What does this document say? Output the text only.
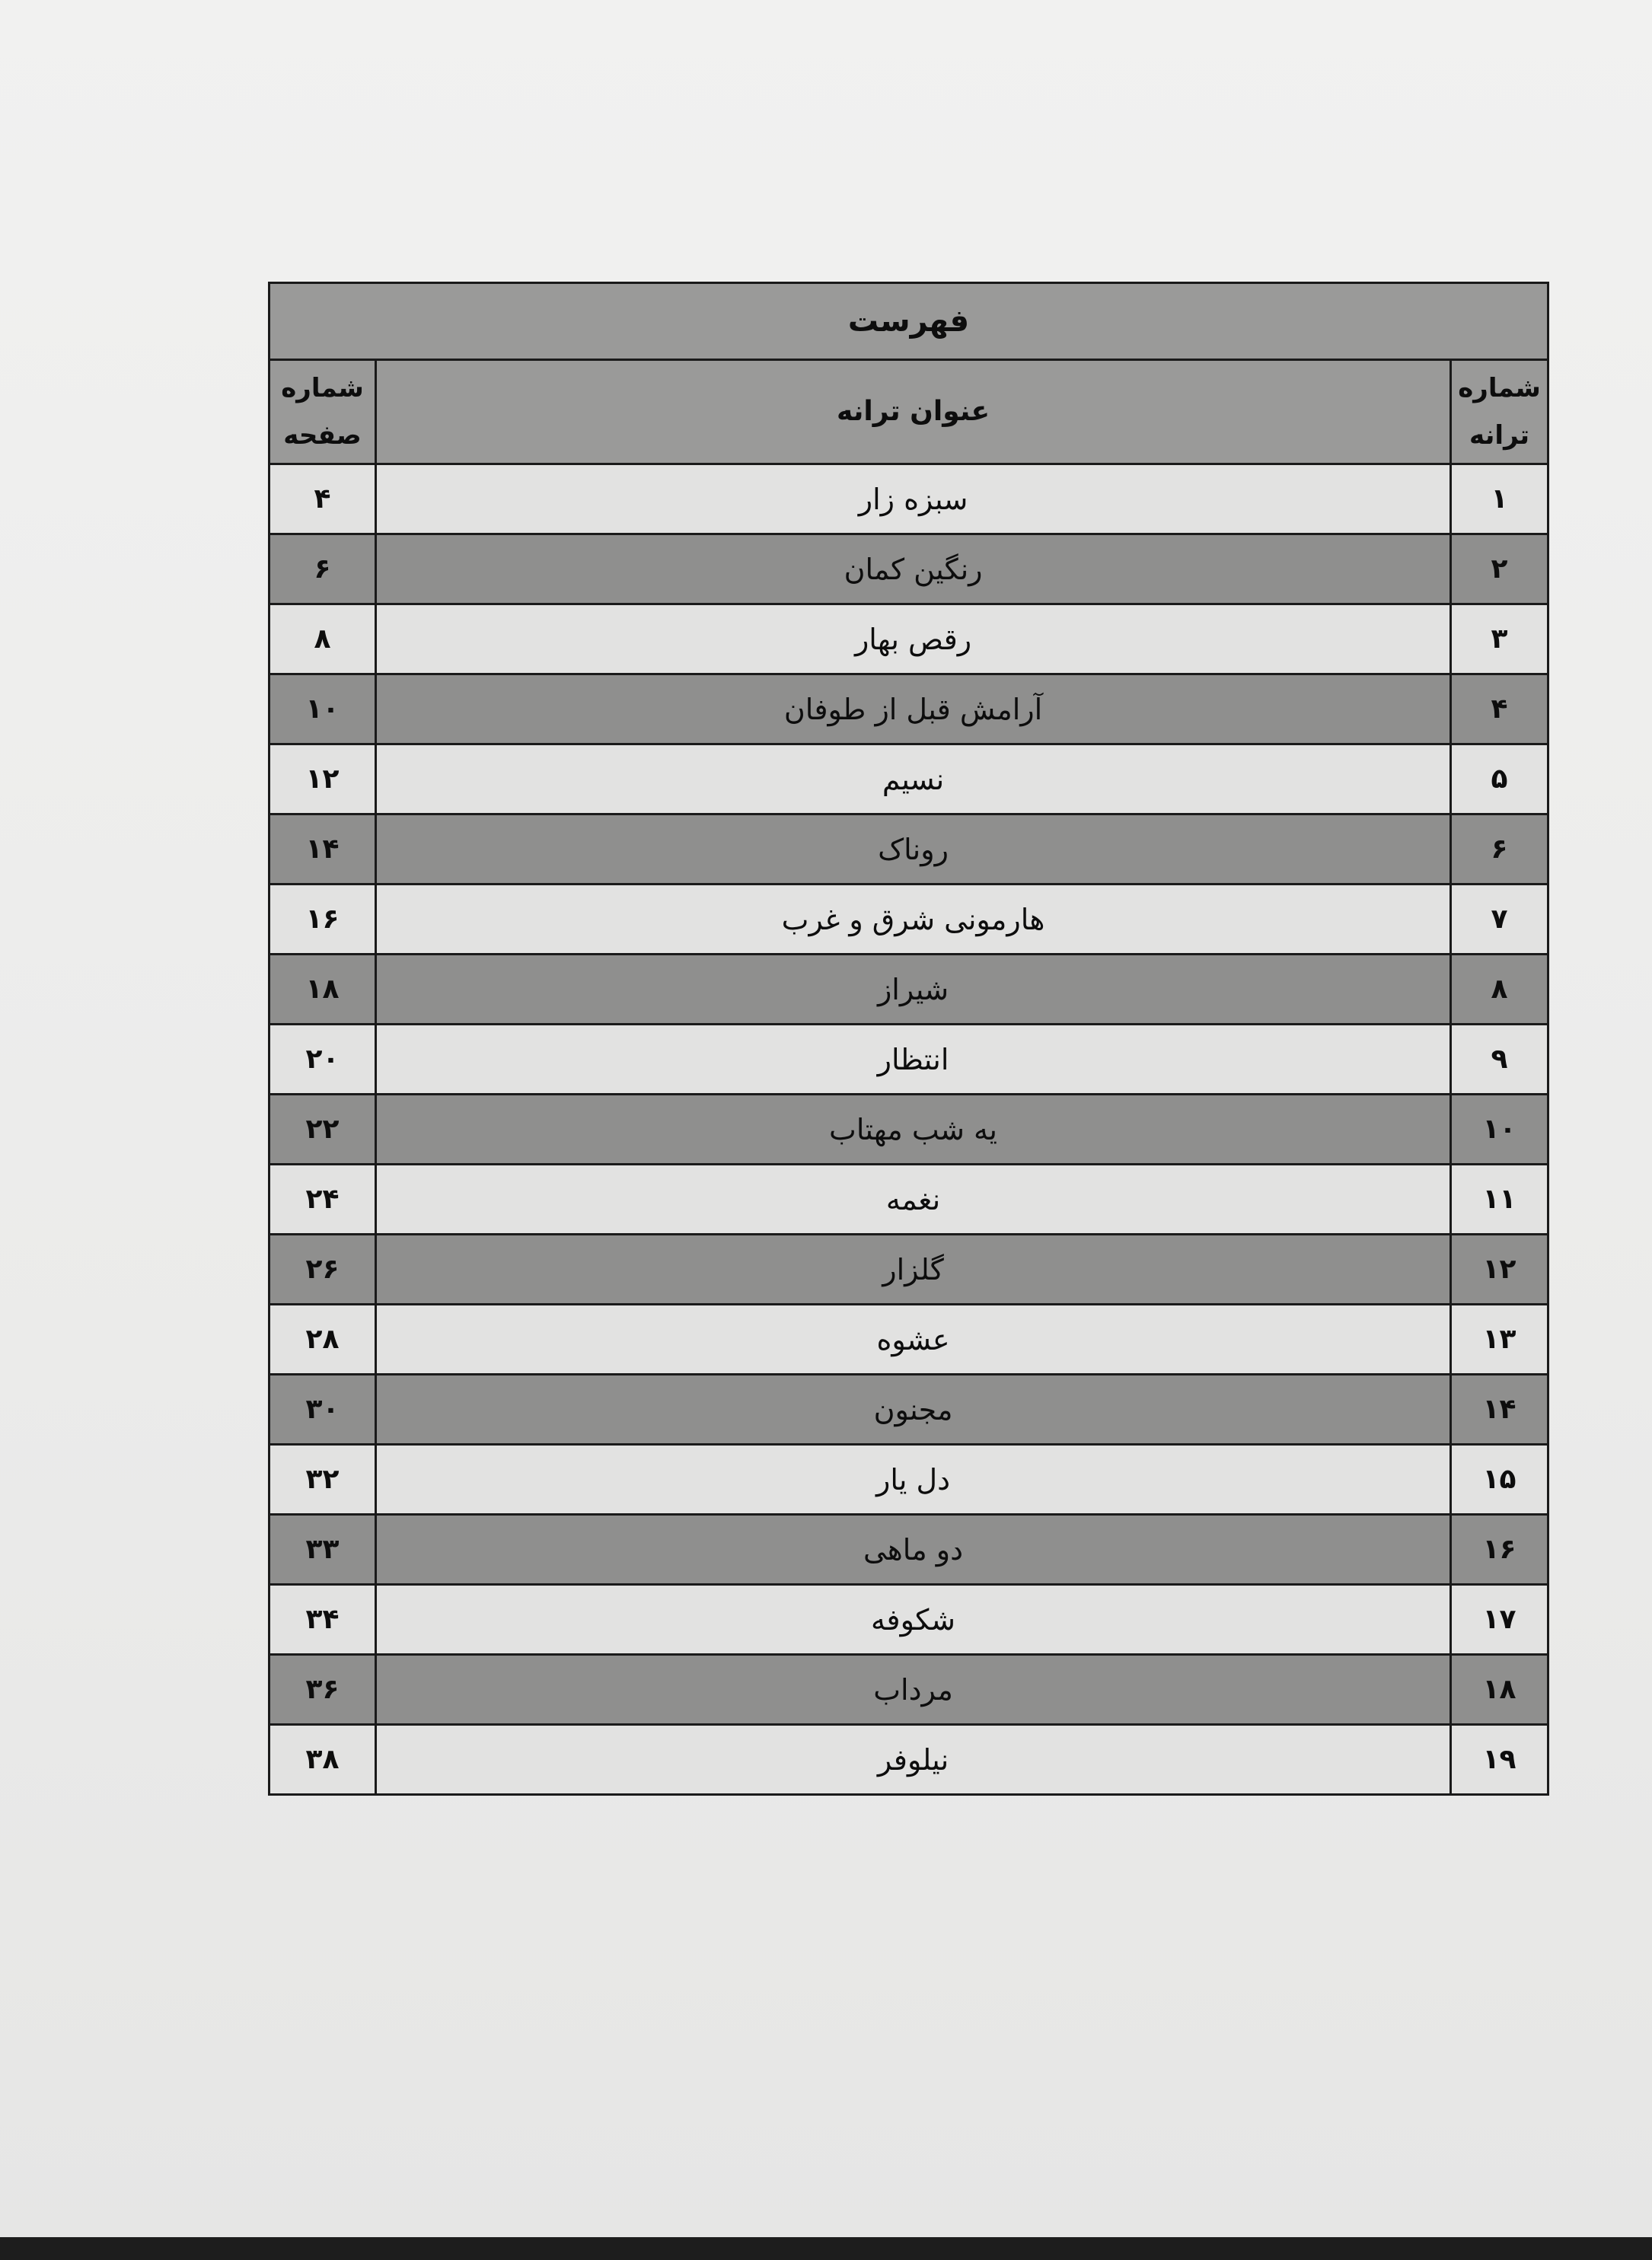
فهرست		
شماره ترانه	عنوان ترانه	شماره صفحه
۱	سبزه زار	۴
۲	رنگین کمان	۶
۳	رقص بهار	۸
۴	آرامش قبل از طوفان	۱۰
۵	نسیم	۱۲
۶	روناک	۱۴
۷	هارمونی شرق و غرب	۱۶
۸	شیراز	۱۸
۹	انتظار	۲۰
۱۰	یه شب مهتاب	۲۲
۱۱	نغمه	۲۴
۱۲	گلزار	۲۶
۱۳	عشوه	۲۸
۱۴	مجنون	۳۰
۱۵	دل یار	۳۲
۱۶	دو ماهی	۳۳
۱۷	شکوفه	۳۴
۱۸	مرداب	۳۶
۱۹	نیلوفر	۳۸
